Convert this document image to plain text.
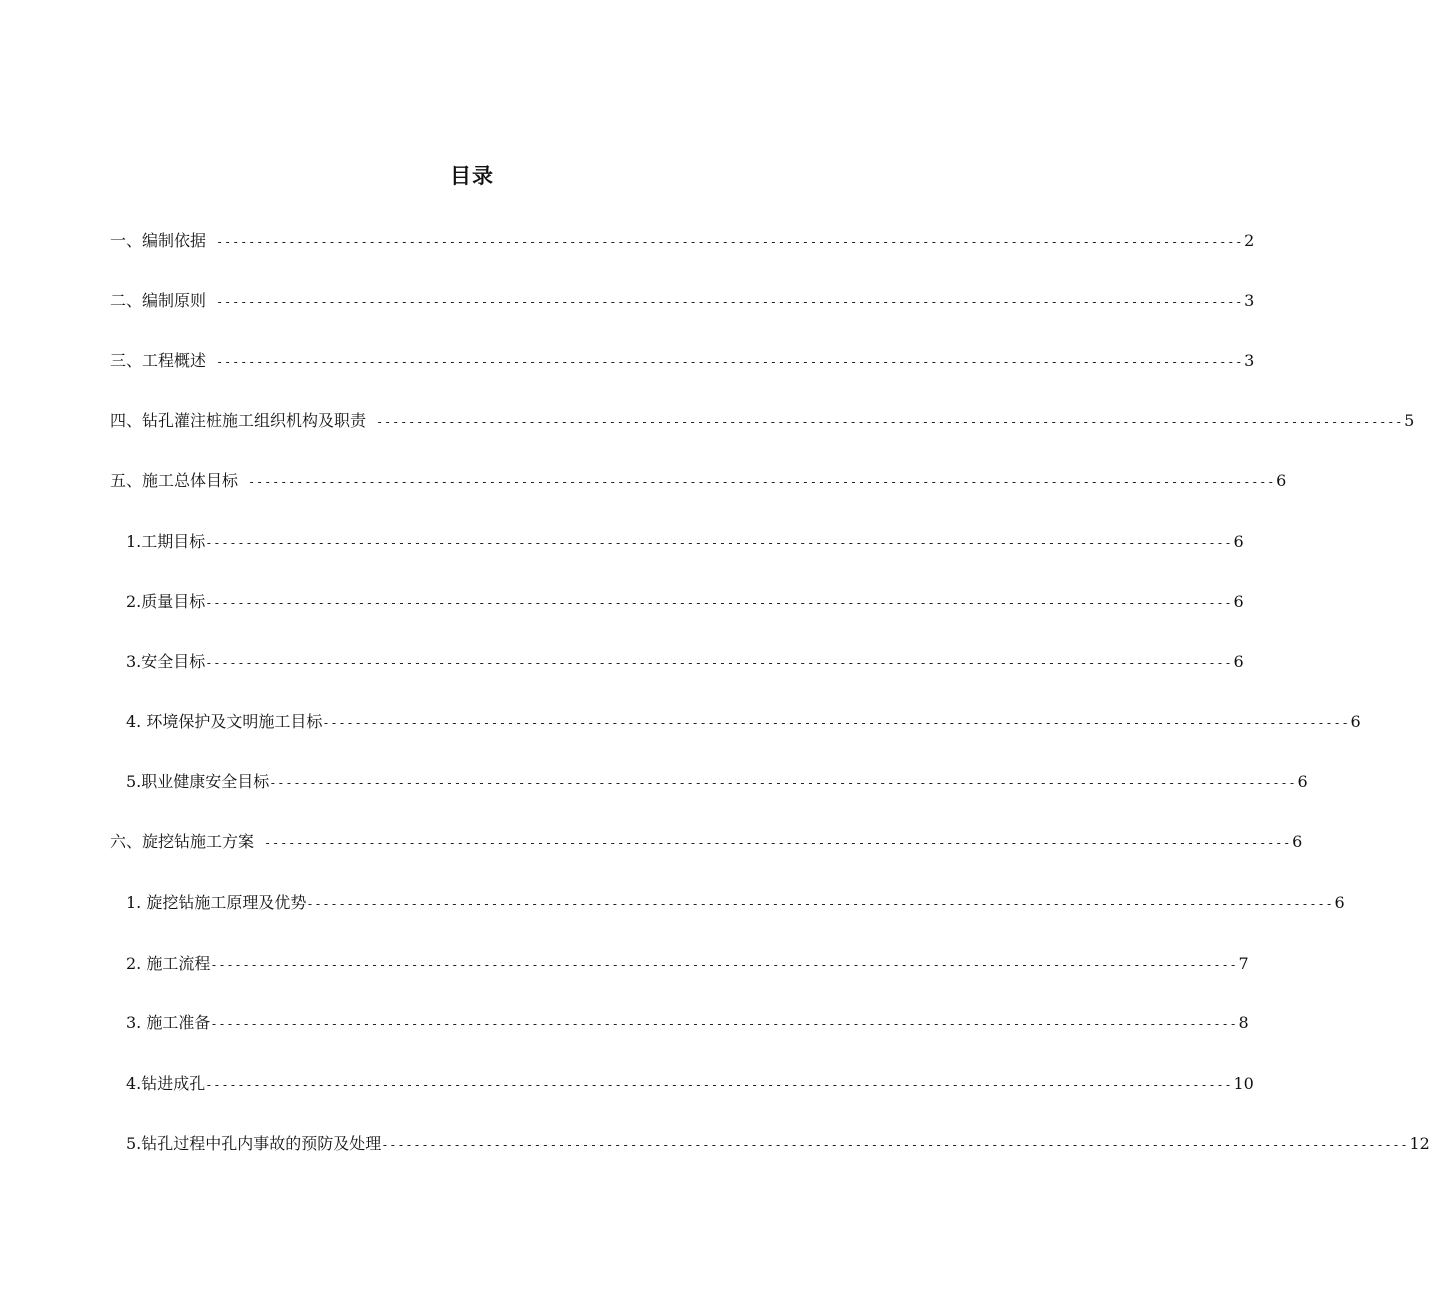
目录
一、编制依据 -------------------------------------------------------------------------------------------------------------------------------- 2
二、编制原则 -------------------------------------------------------------------------------------------------------------------------------- 3
三、工程概述 -------------------------------------------------------------------------------------------------------------------------------- 3
四、钻孔灌注桩施工组织机构及职责 -------------------------------------------------------------------------------------------------------------------------------- 5
五、施工总体目标 -------------------------------------------------------------------------------------------------------------------------------- 6
1.工期目标 -------------------------------------------------------------------------------------------------------------------------------- 6
2.质量目标 -------------------------------------------------------------------------------------------------------------------------------- 6
3.安全目标 -------------------------------------------------------------------------------------------------------------------------------- 6
4. 环境保护及文明施工目标 -------------------------------------------------------------------------------------------------------------------------------- 6
5.职业健康安全目标 -------------------------------------------------------------------------------------------------------------------------------- 6
六、旋挖钻施工方案 -------------------------------------------------------------------------------------------------------------------------------- 6
1. 旋挖钻施工原理及优势 -------------------------------------------------------------------------------------------------------------------------------- 6
2. 施工流程 -------------------------------------------------------------------------------------------------------------------------------- 7
3. 施工准备 -------------------------------------------------------------------------------------------------------------------------------- 8
4.钻进成孔 -------------------------------------------------------------------------------------------------------------------------------- 10
5.钻孔过程中孔内事故的预防及处理 -------------------------------------------------------------------------------------------------------------------------------- 12
